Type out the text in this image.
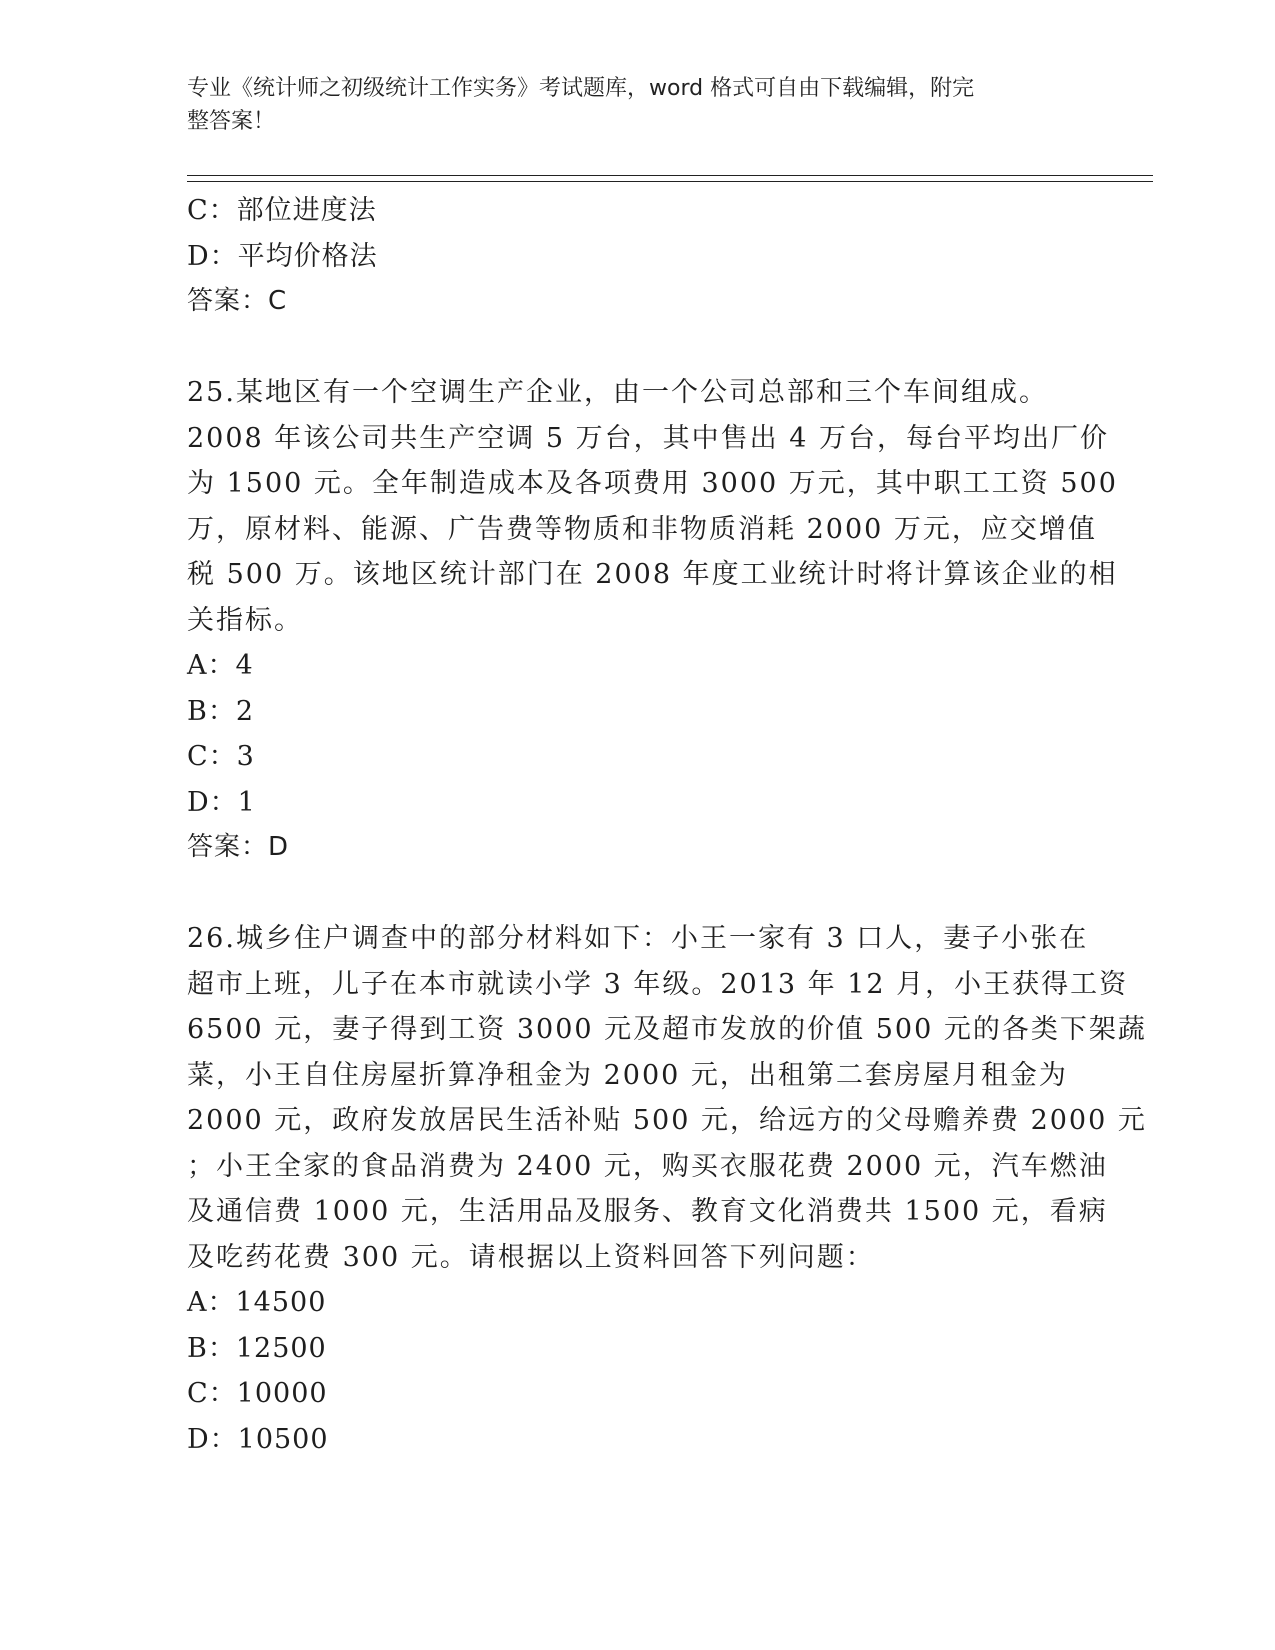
专业《统计师之初级统计工作实务》考试题库，word 格式可自由下载编辑，附完
整答案！
C：部位进度法
D：平均价格法
答案：C
25.某地区有一个空调生产企业，由一个公司总部和三个车间组成。
2008 年该公司共生产空调 5 万台，其中售出 4 万台，每台平均出厂价
为 1500 元。全年制造成本及各项费用 3000 万元，其中职工工资 500
万，原材料、能源、广告费等物质和非物质消耗 2000 万元，应交增值
税 500 万。该地区统计部门在 2008 年度工业统计时将计算该企业的相
关指标。
A：4
B：2
C：3
D：1
答案：D
26.城乡住户调查中的部分材料如下：小王一家有 3 口人，妻子小张在
超市上班，儿子在本市就读小学 3 年级。2013 年 12 月，小王获得工资
6500 元，妻子得到工资 3000 元及超市发放的价值 500 元的各类下架蔬
菜，小王自住房屋折算净租金为 2000 元，出租第二套房屋月租金为
2000 元，政府发放居民生活补贴 500 元，给远方的父母赡养费 2000 元
；小王全家的食品消费为 2400 元，购买衣服花费 2000 元，汽车燃油
及通信费 1000 元，生活用品及服务、教育文化消费共 1500 元，看病
及吃药花费 300 元。请根据以上资料回答下列问题：
A：14500
B：12500
C：10000
D：10500
